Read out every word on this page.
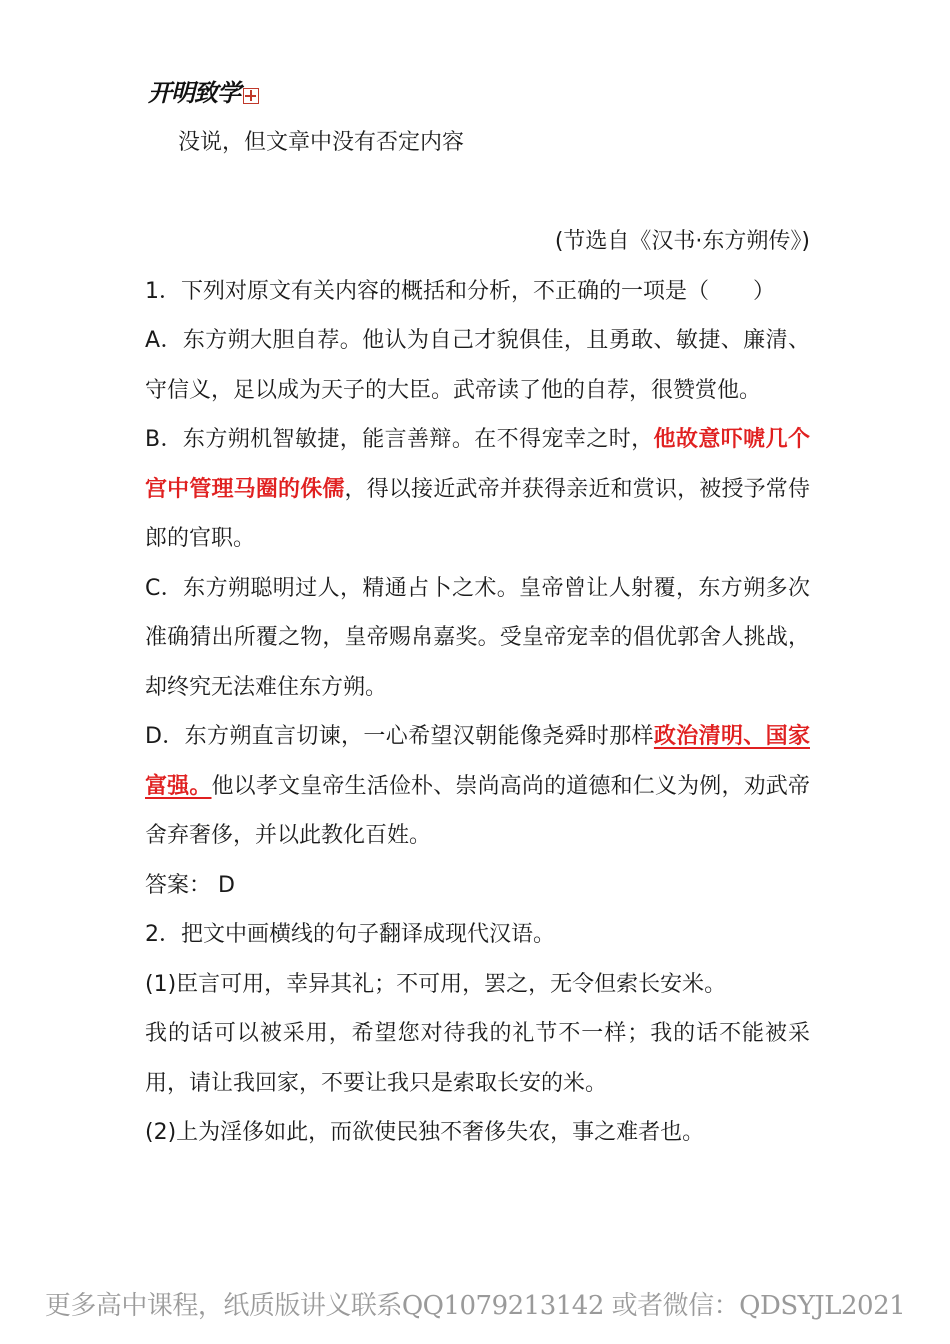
开明致学

没说，但文章中没有否定内容

(节选自《汉书·东方朔传》)

1．下列对原文有关内容的概括和分析，不正确的一项是（　　）

A．东方朔大胆自荐。他认为自己才貌俱佳，且勇敢、敏捷、廉清、守信义，足以成为天子的大臣。武帝读了他的自荐，很赞赏他。

B．东方朔机智敏捷，能言善辩。在不得宠幸之时，他故意吓唬几个宫中管理马圈的侏儒，得以接近武帝并获得亲近和赏识，被授予常侍郎的官职。

C．东方朔聪明过人，精通占卜之术。皇帝曾让人射覆，东方朔多次准确猜出所覆之物，皇帝赐帛嘉奖。受皇帝宠幸的倡优郭舍人挑战，却终究无法难住东方朔。

D．东方朔直言切谏，一心希望汉朝能像尧舜时那样政治清明、国家富强。他以孝文皇帝生活俭朴、崇尚高尚的道德和仁义为例，劝武帝舍弃奢侈，并以此教化百姓。

答案： D

2．把文中画横线的句子翻译成现代汉语。

(1)臣言可用，幸异其礼；不可用，罢之，无令但索长安米。

我的话可以被采用，希望您对待我的礼节不一样；我的话不能被采用，请让我回家，不要让我只是索取长安的米。

(2)上为淫侈如此，而欲使民独不奢侈失农，事之难者也。

更多高中课程，纸质版讲义联系QQ1079213142 或者微信：QDSYJL2021
